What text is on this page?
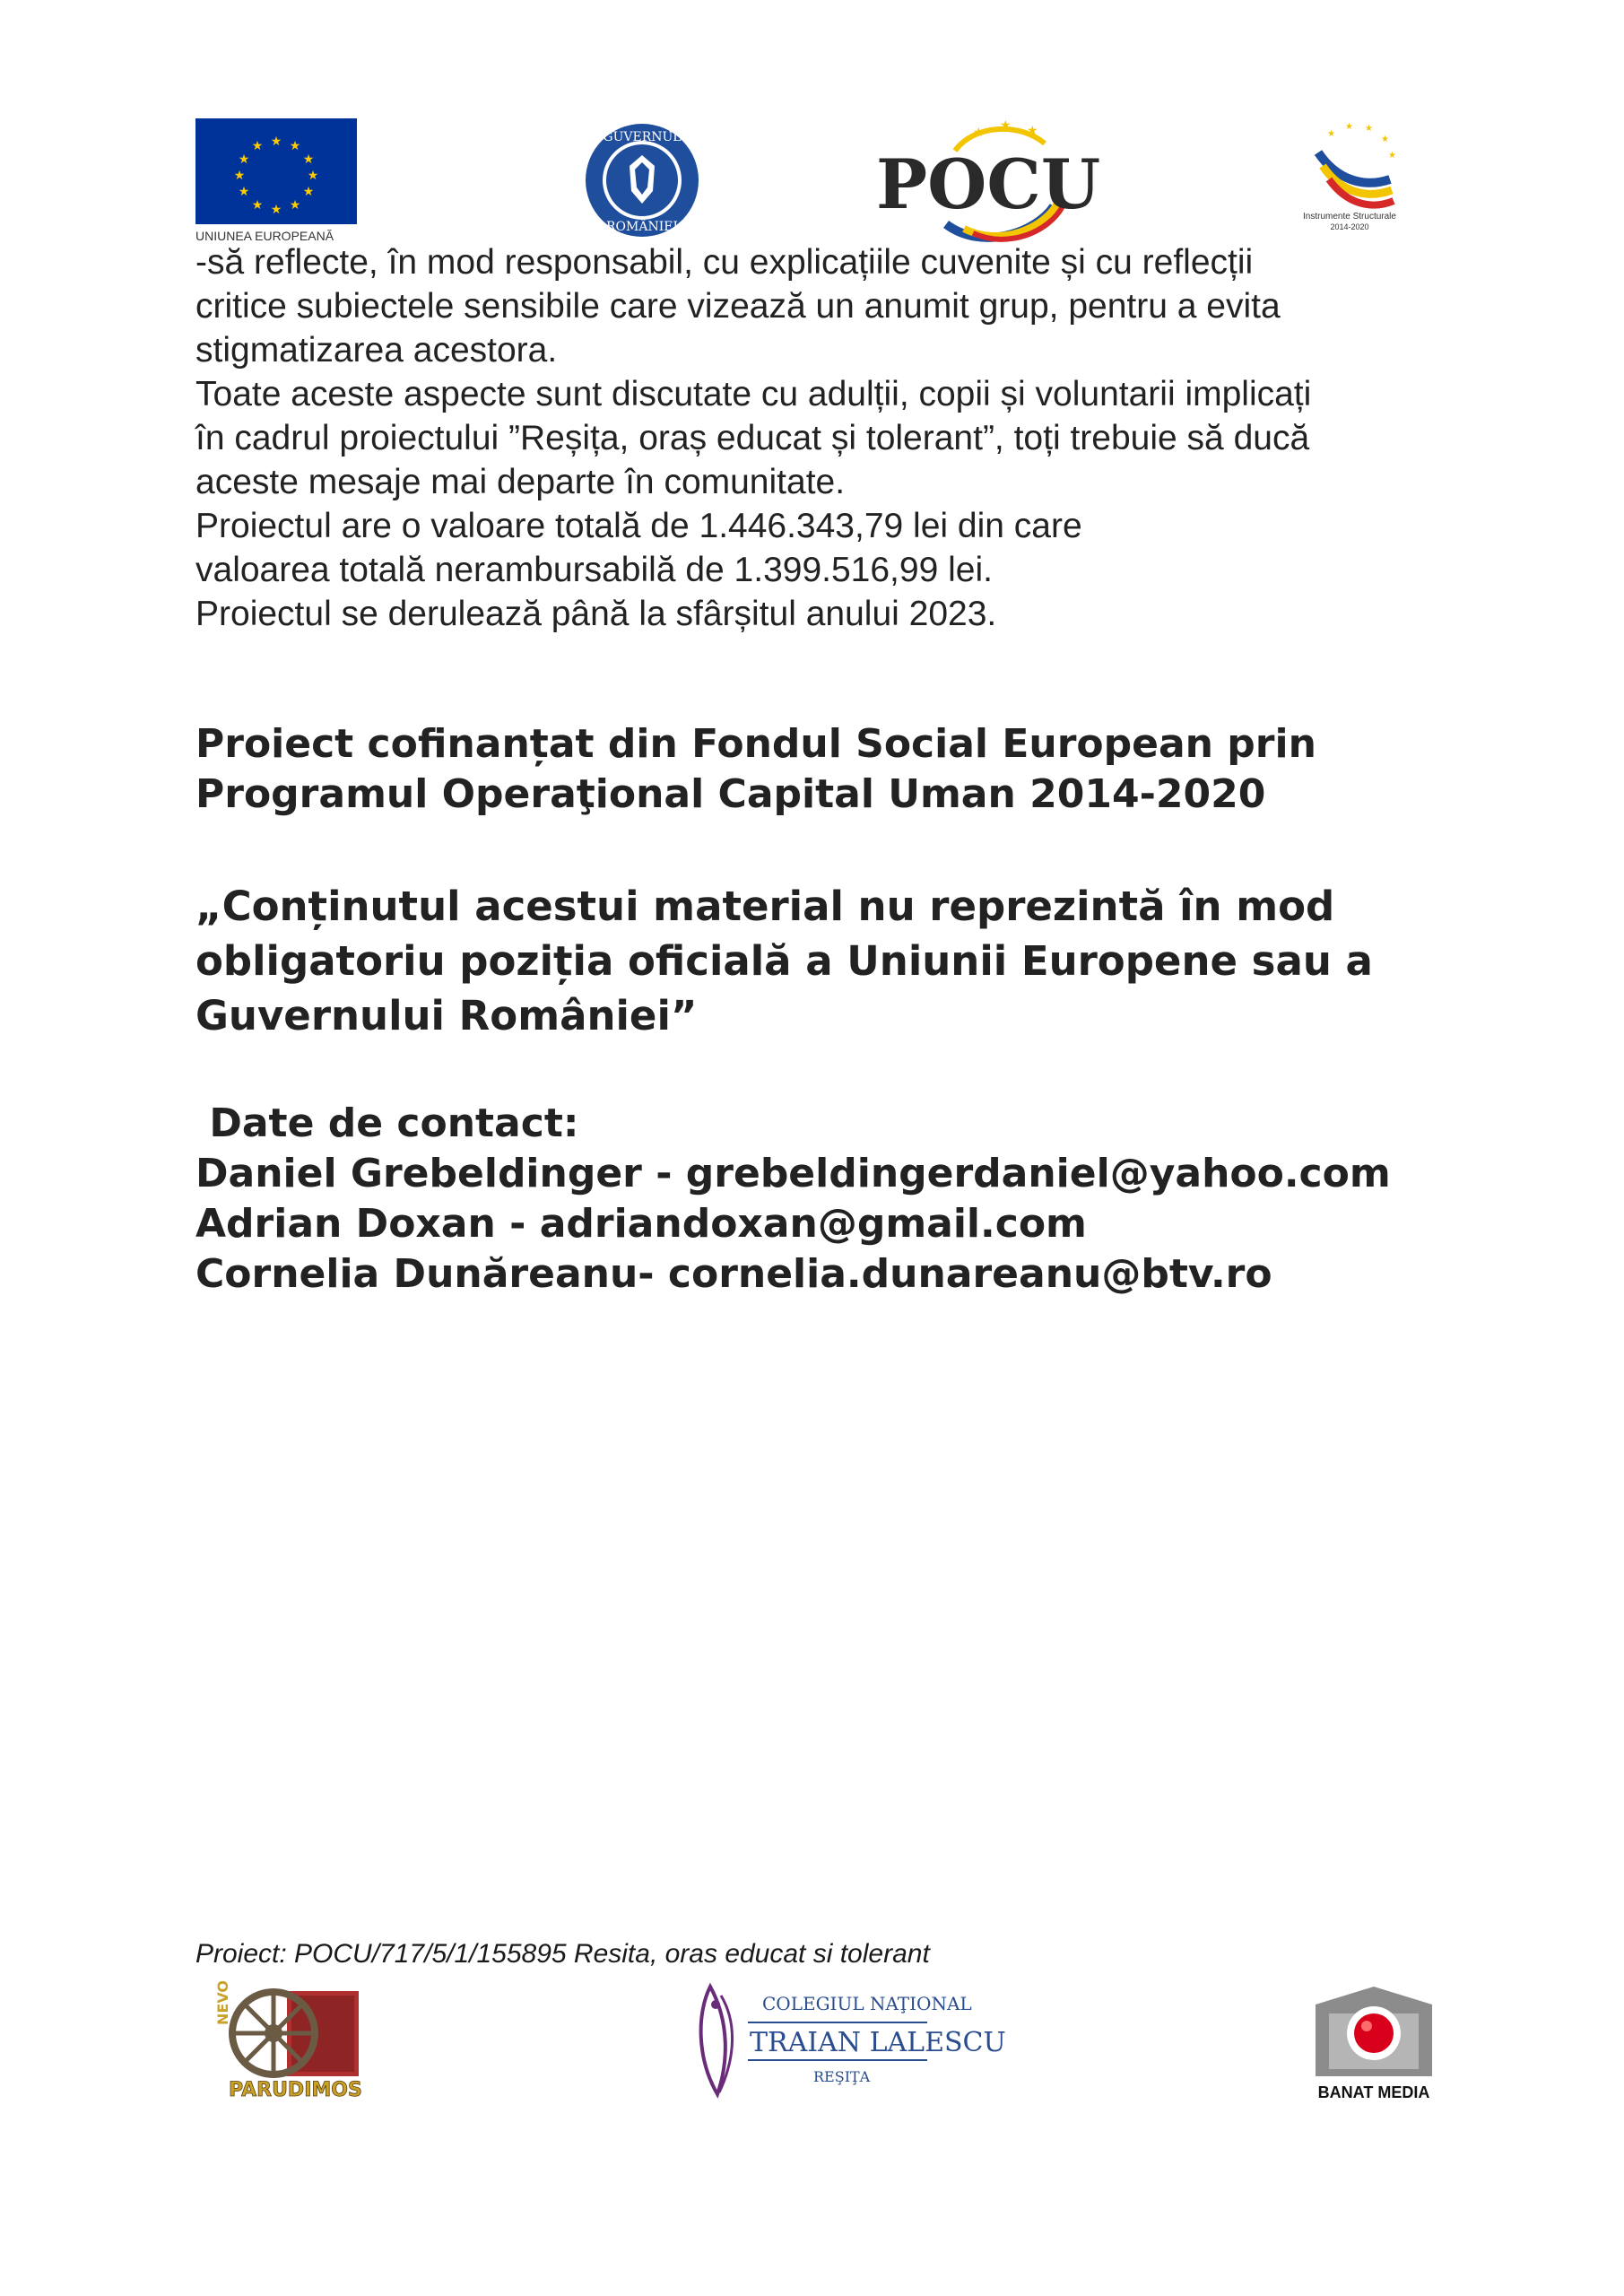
★ ★
★
★
★
★
★
★
★
★
★
★
UNIUNEA EUROPEANĂ
GUVERNUL
ROMÂNIEI
★ ★ ★
POCU
★ ★
★
★
★
Instrumente Structurale
2014-2020

-să reflecte, în mod responsabil, cu explicațiile cuvenite și cu reflecții

critice subiectele sensibile care vizează un anumit grup, pentru a evita

stigmatizarea acestora.

Toate aceste aspecte sunt discutate cu adulții, copii și voluntarii implicați

în cadrul proiectului ”Reșița, oraș educat și tolerant”, toți trebuie să ducă

aceste mesaje mai departe în comunitate.

Proiectul are o valoare totală de 1.446.343,79 lei din care

valoarea totală nerambursabilă de 1.399.516,99 lei.

Proiectul se derulează până la sfârșitul anului 2023.

Proiect cofinanțat din Fondul Social European prin

Programul Operaţional Capital Uman 2014-2020

„Conținutul acestui material nu reprezintă în mod

obligatoriu poziția oficială a Uniunii Europene sau a

Guvernului României”

Date de contact:

Daniel Grebeldinger - grebeldingerdaniel@yahoo.com

Adrian Doxan - adriandoxan@gmail.com

Cornelia Dunăreanu- cornelia.dunareanu@btv.ro

Proiect: POCU/717/5/1/155895 Resita, oras educat si tolerant
NEVO
PARUDIMOS
COLEGIUL NAŢIONAL
TRAIAN LALESCU
REŞIŢA
BANAT MEDIA
